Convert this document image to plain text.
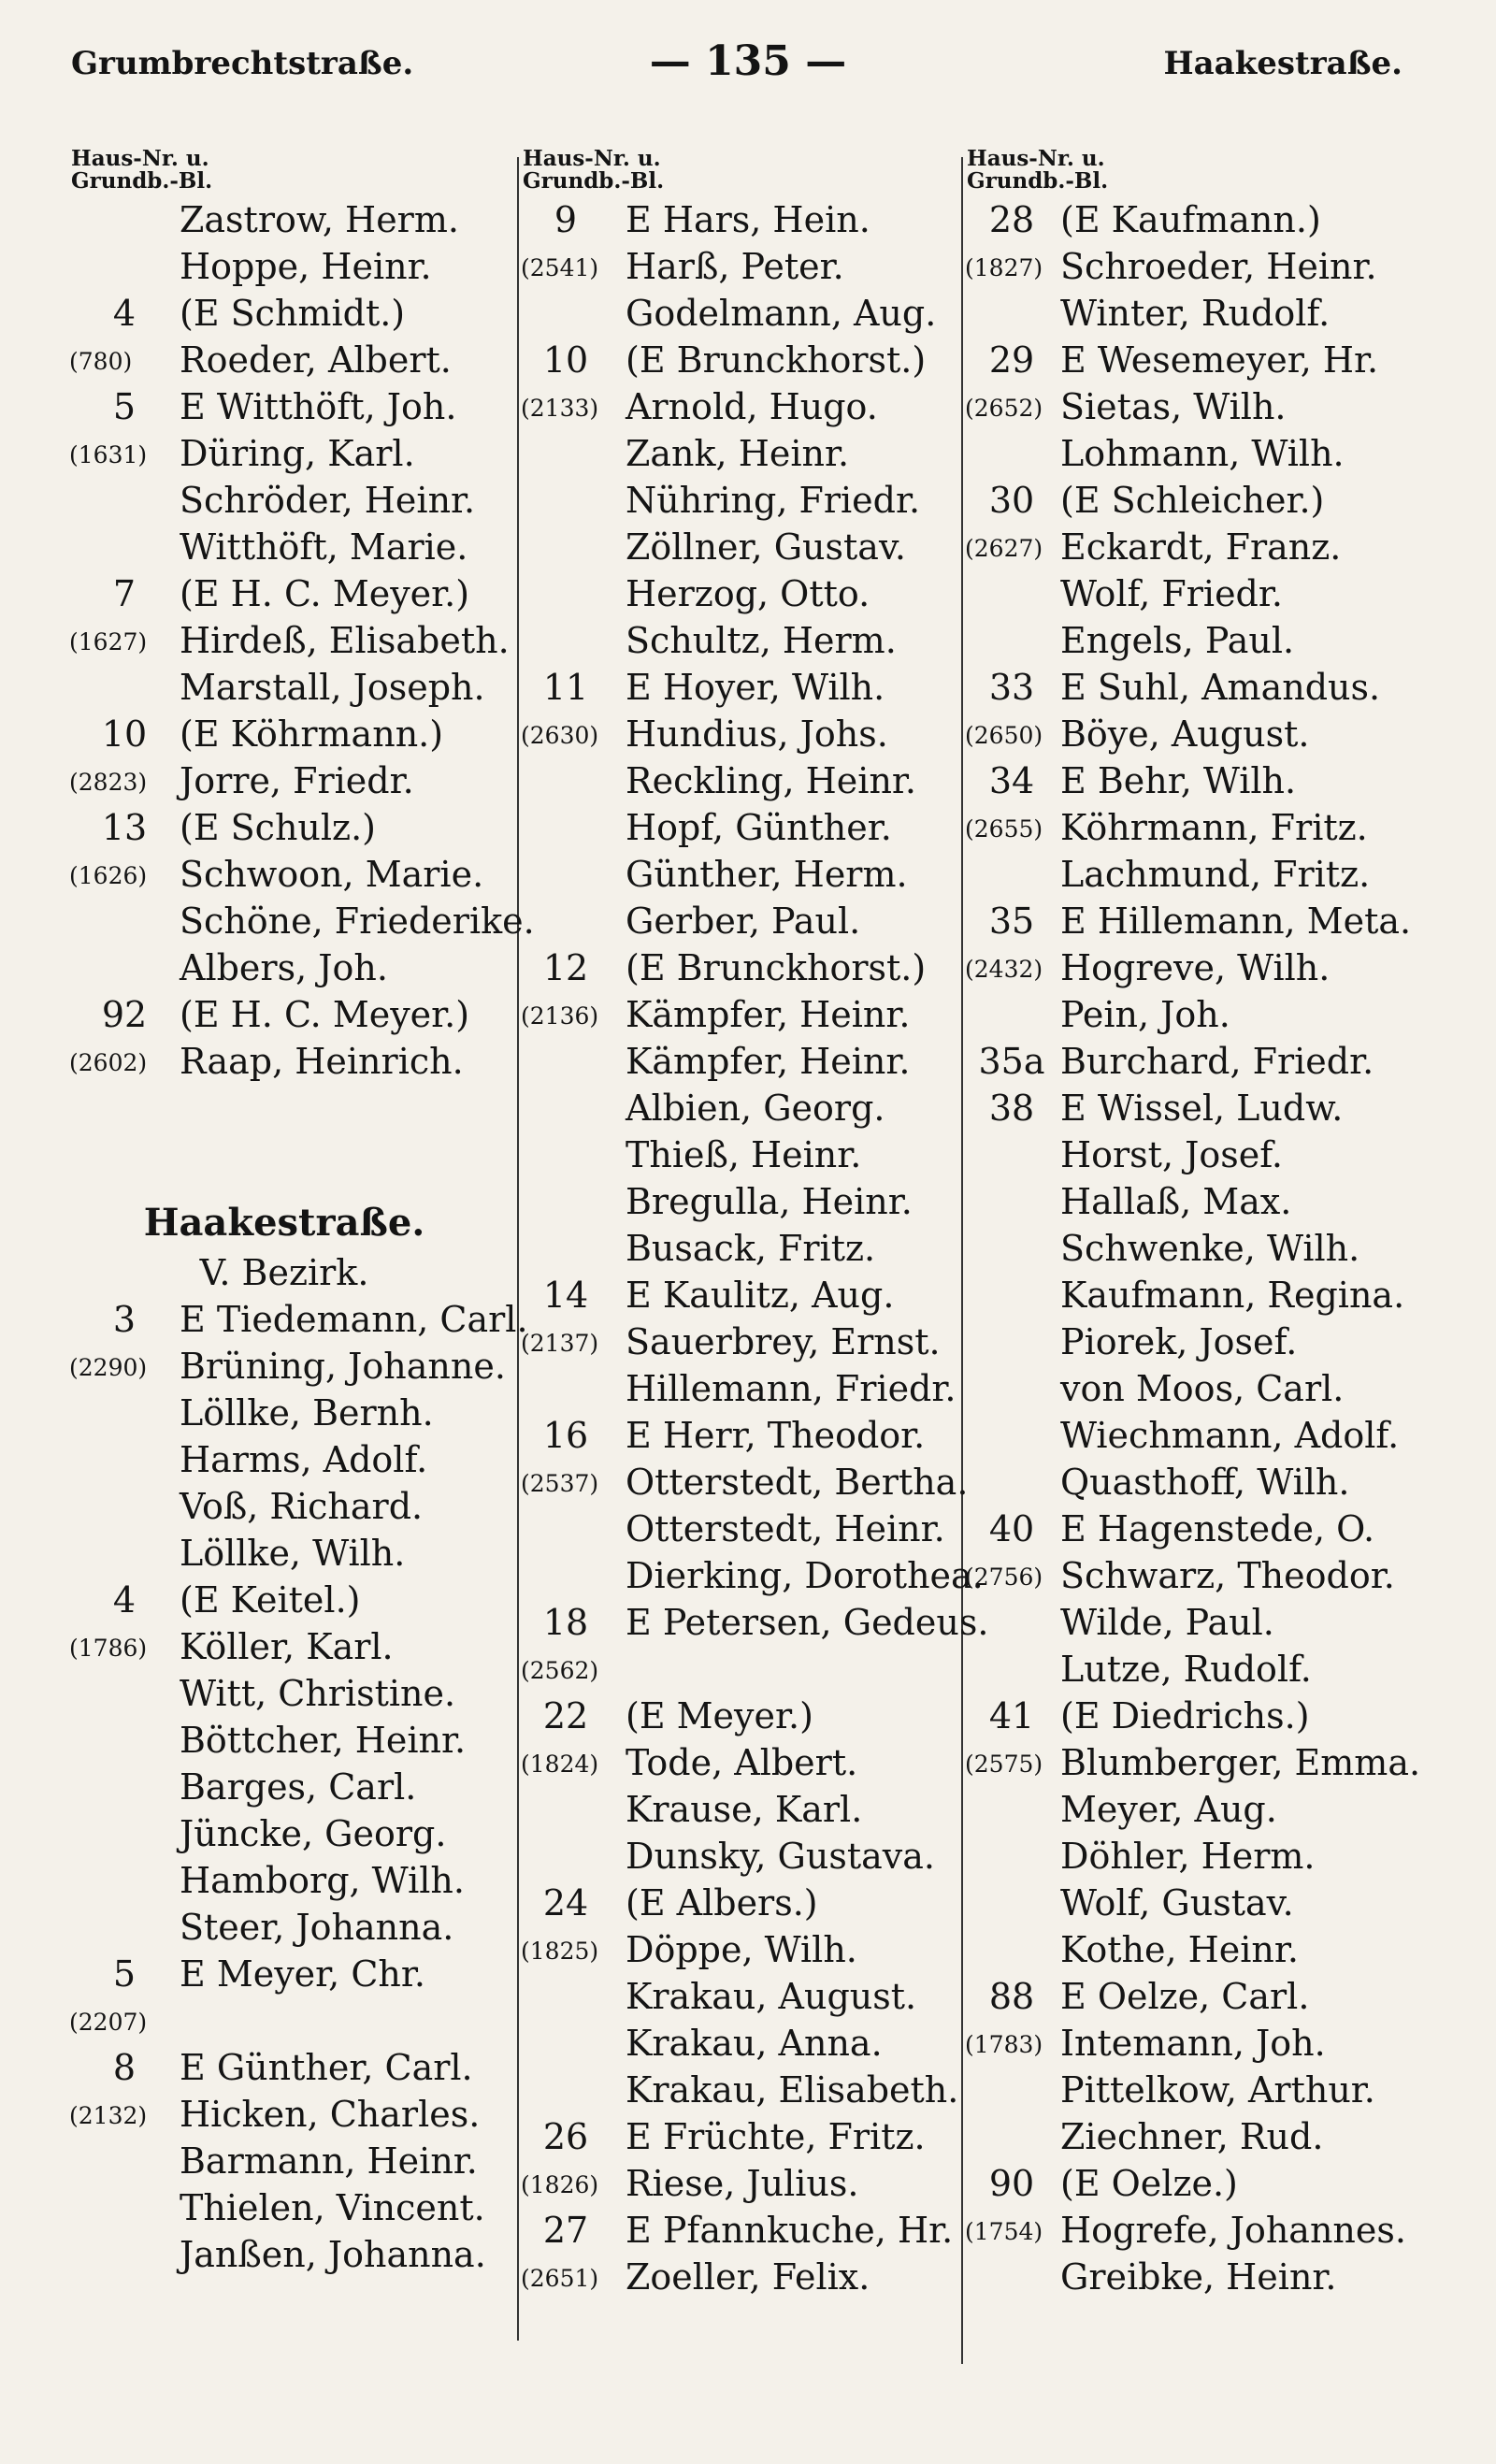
— 135 —
Grumbrechtstraße.	Haakestraße.
Haus-Nr. u.
Grundb.-Bl.
Zastrow, Herm.
Hoppe, Heinr.
4	(E Schmidt.)
(780)	Roeder, Albert.
5	E Witthöft, Joh.
(1631) Düring, Karl.
Schröder, Heinr.
Witthöft, Marie.
7	(E H. C. Meyer.)
(1627) Hirdeß, Elisabeth.
Marstall, Joseph.
10 (E Köhrmann.)
(2823) Jorre, Friedr.
13 (E Schulz.)
(1626) Schwoon, Marie.
Schöne, Friederike.
Albers, Joh.
92 (E H. C. Meyer.)
(2602) Raap, Heinrich.
Haakestraße.
V. Bezirk.
3	E Tiedemann, Carl.
(2290) Brüning, Johanne.
Löllke, Bernh.
Harms, Adolf.
Voß, Richard.
Löllke, Wilh.
4	(E Keitel.)
(1786) Köller, Karl.
Witt, Christine.
Böttcher, Heinr.
Barges, Carl.
Jüncke, Georg.
Hamborg, Wilh.
Steer, Johanna.
5	E Meyer, Chr.
(2207)
8	E Günther, Carl.
(2132) Hicken, Charles.
Barmann, Heinr.
Thielen, Vincent.
Janßen, Johanna.
Haus-Nr. u.
Grundb.-Bl.
9	E Hars, Hein.
(2541) Harß, Peter.
Godelmann, Aug.
10	(E Brunckhorst.)
(2133) Arnold, Hugo.
Zank, Heinr.
Nühring, Friedr.
Zöllner, Gustav.
Herzog, Otto.
Schultz, Herm.
11	E Hoyer, Wilh.
(2630) Hundius, Johs.
Reckling, Heinr.
Hopf, Günther.
Günther, Herm.
Gerber, Paul.
12	(E Brunckhorst.)
(2136) Kämpfer, Heinr.
Kämpfer, Heinr.
Albien, Georg.
Thieß, Heinr.
Bregulla, Heinr.
Busack, Fritz.
14	E Kaulitz, Aug.
(2137) Sauerbrey, Ernst.
Hillemann, Friedr.
16	E Herr, Theodor.
(2537) Otterstedt, Bertha.
Otterstedt, Heinr.
Dierking, Dorothea.
18	E Petersen, Gedeus.
(2562)
22	(E Meyer.)
(1824) Tode, Albert.
Krause, Karl.
Dunsky, Gustava.
24	(E Albers.)
(1825) Döppe, Wilh.
Krakau, August.
Krakau, Anna.
Krakau, Elisabeth.
26	E Früchte, Fritz.
(1826) Riese, Julius.
27	E Pfannkuche, Hr.
(2651) Zoeller, Felix.
Haus-Nr. u.
Grundb.-Bl.
28 (E Kaufmann.)
(1827) Schroeder, Heinr.
Winter, Rudolf.
29 E Wesemeyer, Hr.
(2652) Sietas, Wilh.
Lohmann, Wilh.
30 (E Schleicher.)
(2627) Eckardt, Franz.
Wolf, Friedr.
Engels, Paul.
33 E Suhl, Amandus.
(2650) Böye, August.
34 E Behr, Wilh.
(2655) Köhrmann, Fritz.
Lachmund, Fritz.
35 E Hillemann, Meta.
(2432) Hogreve, Wilh.
Pein, Joh.
35a Burchard, Friedr.
38 E Wissel, Ludw.
Horst, Josef.
Hallaß, Max.
Schwenke, Wilh.
Kaufmann, Regina.
Piorek, Josef.
von Moos, Carl.
Wiechmann, Adolf.
Quasthoff, Wilh.
40 E Hagenstede, O.
(2756) Schwarz, Theodor.
Wilde, Paul.
Lutze, Rudolf.
41 (E Diedrichs.)
(2575) Blumberger, Emma.
Meyer, Aug.
Döhler, Herm.
Wolf, Gustav.
Kothe, Heinr.
88 E Oelze, Carl.
(1783) Intemann, Joh.
Pittelkow, Arthur.
Ziechner, Rud.
90 (E Oelze.)
(1754) Hogrefe, Johannes.
Greibke, Heinr.
